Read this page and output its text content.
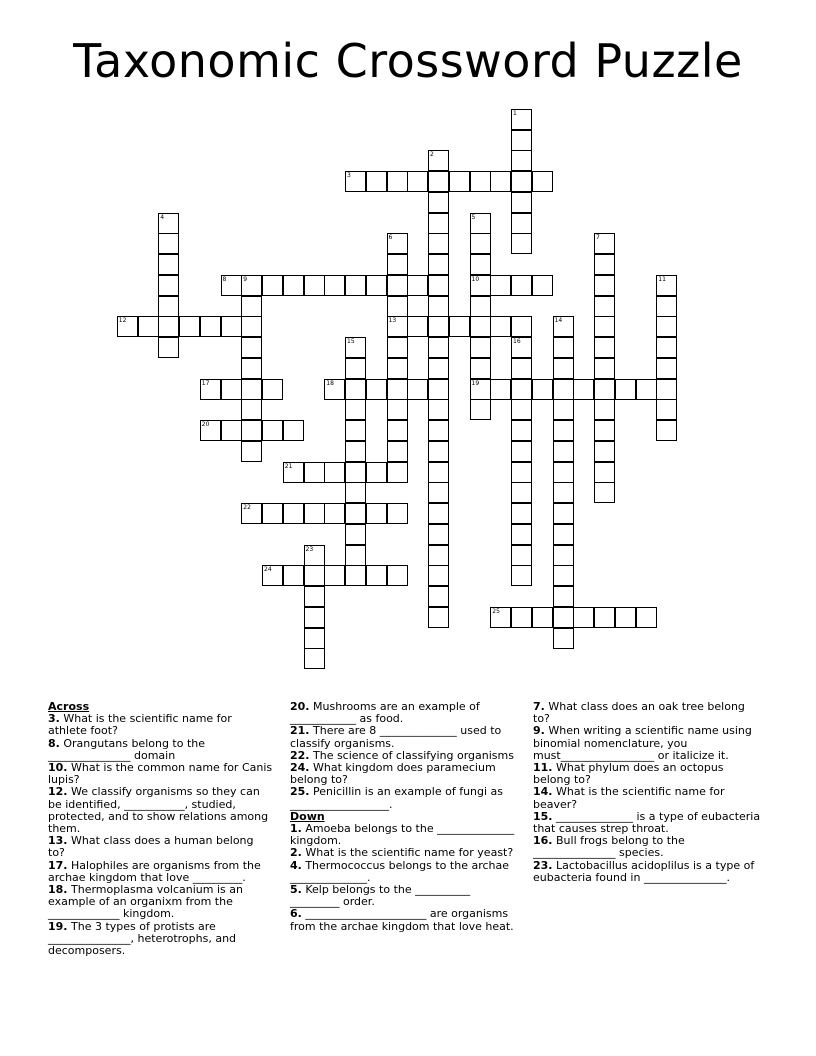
Taxonomic Crossword Puzzle
3
8	9	10
12	13
17	18	19
20
21
22
24
25
1
2
4	5
6	7
11
14
15	16
23
Across

3. What is the scientific name for athlete foot?

8. Orangutans belong to the _______________ domain

10. What is the common name for Canis lupis?

12. We classify organisms so they can be identified, ___________, studied, protected, and to show relations among them.

13. What class does a human belong to?

17. Halophiles are organisms from the archae kingdom that love _________.

18. Thermoplasma volcanium is an example of an organixm from the _____________ kingdom.

19. The 3 types of protists are _______________, heterotrophs, and decomposers.

20. Mushrooms are an example of ____________ as food.

21. There are 8 ______________ used to classify organisms.

22. The science of classifying organisms

24. What kingdom does paramecium belong to?

25. Penicillin is an example of fungi as __________________.

Down

1. Amoeba belongs to the ______________ kingdom.

2. What is the scientific name for yeast?

4. Thermococcus belongs to the archae ______________.

5. Kelp belongs to the __________ _________ order.

6. ______________________ are organisms from the archae kingdom that love heat.

7. What class does an oak tree belong to?

9. When writing a scientific name using binomial nomenclature, you must_________________ or italicize it.

11. What phylum does an octopus belong to?

14. What is the scientific name for beaver?

15. ______________ is a type of eubacteria that causes strep throat.

16. Bull frogs belong to the _______________ species.

23. Lactobacillus acidoplilus is a type of eubacteria found in _______________.
